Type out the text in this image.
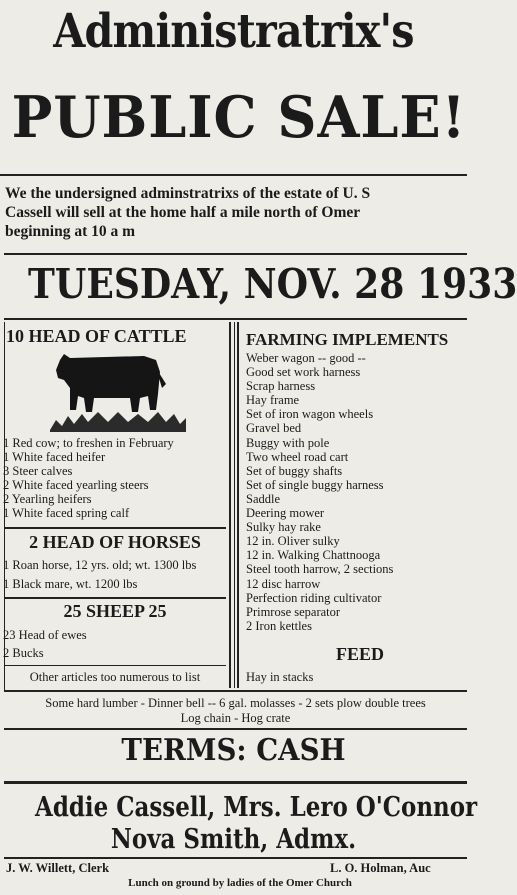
Administratrix's
PUBLIC SALE!
We the undersigned adminstratrixs of the estate of U. S
Cassell will sell at the home half a mile north of Omer
beginning at 10 a m
TUESDAY, NOV. 28 1933
10 HEAD OF CATTLE
1 Red cow; to freshen in February
1 White faced heifer
3 Steer calves
2 White faced yearling steers
2 Yearling heifers
1 White faced spring calf
2 HEAD OF HORSES
1 Roan horse, 12 yrs. old; wt. 1300 lbs
1 Black mare, wt. 1200 lbs
25 SHEEP 25
23 Head of ewes
2 Bucks
Other articles too numerous to list
FARMING IMPLEMENTS
Weber wagon -- good --
Good set work harness
Scrap harness
Hay frame
Set of iron wagon wheels
Gravel bed
Buggy with pole
Two wheel road cart
Set of buggy shafts
Set of single buggy harness
Saddle
Deering mower
Sulky hay rake
12 in. Oliver sulky
12 in. Walking Chattnooga
Steel tooth harrow, 2 sections
12 disc harrow
Perfection riding cultivator
Primrose separator
2 Iron kettles
FEED
Hay in stacks
Some hard lumber - Dinner bell -- 6 gal. molasses - 2 sets plow double trees
Log chain - Hog crate
TERMS: CASH
Addie Cassell, Mrs. Lero O'Connor
Nova Smith, Admx.
J. W. Willett, Clerk	L. O. Holman, Auc
Lunch on ground by ladies of the Omer Church
